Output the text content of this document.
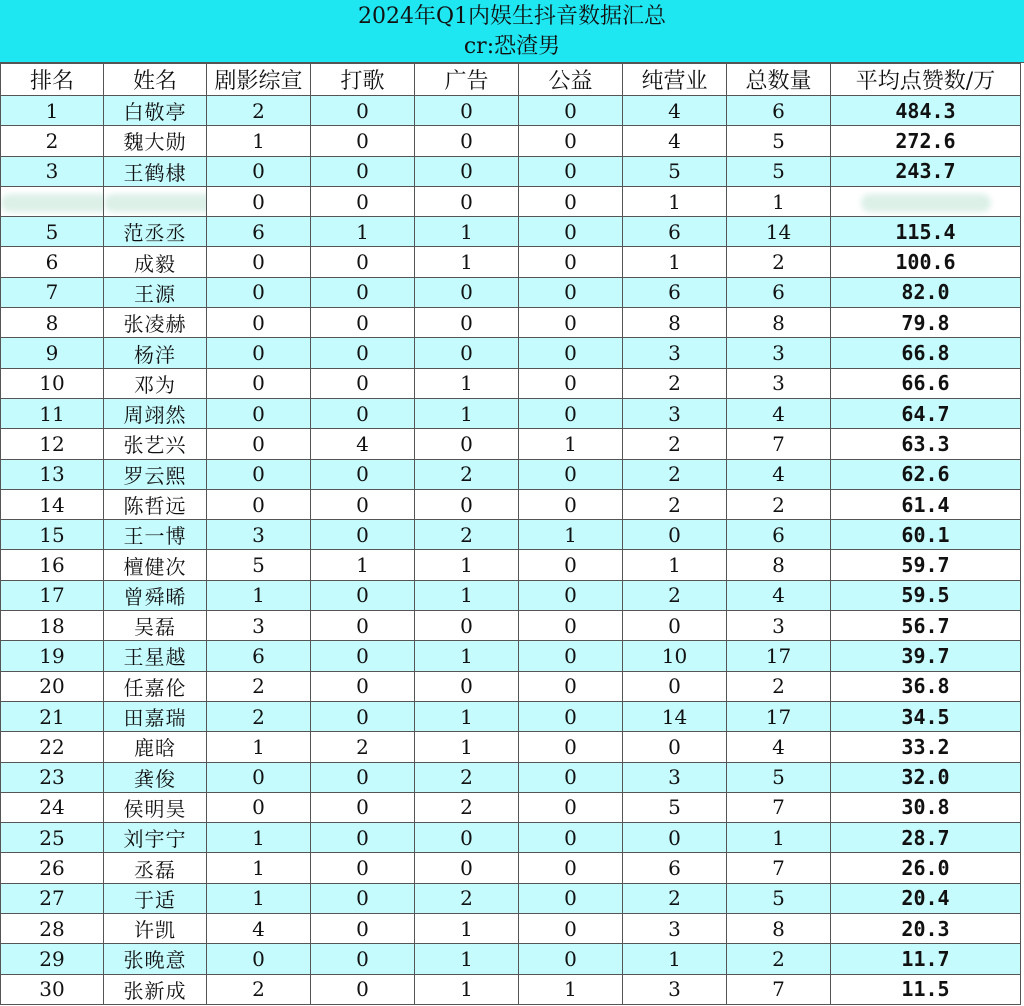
2024年Q1内娱生抖音数据汇总
cr:恐渣男
排名	姓名	剧影综宣	打歌	广告	公益	纯营业	总数量	平均点赞数/万
1	白敬亭	2	0	0	0	4	6	484.3
2	魏大勋	1	0	0	0	4	5	272.6
3	王鹤棣	0	0	0	0	5	5	243.7
		0	0	0	0	1	1	
5	范丞丞	6	1	1	0	6	14	115.4
6	成毅	0	0	1	0	1	2	100.6
7	王源	0	0	0	0	6	6	82.0
8	张凌赫	0	0	0	0	8	8	79.8
9	杨洋	0	0	0	0	3	3	66.8
10	邓为	0	0	1	0	2	3	66.6
11	周翊然	0	0	1	0	3	4	64.7
12	张艺兴	0	4	0	1	2	7	63.3
13	罗云熙	0	0	2	0	2	4	62.6
14	陈哲远	0	0	0	0	2	2	61.4
15	王一博	3	0	2	1	0	6	60.1
16	檀健次	5	1	1	0	1	8	59.7
17	曾舜晞	1	0	1	0	2	4	59.5
18	吴磊	3	0	0	0	0	3	56.7
19	王星越	6	0	1	0	10	17	39.7
20	任嘉伦	2	0	0	0	0	2	36.8
21	田嘉瑞	2	0	1	0	14	17	34.5
22	鹿晗	1	2	1	0	0	4	33.2
23	龚俊	0	0	2	0	3	5	32.0
24	侯明昊	0	0	2	0	5	7	30.8
25	刘宇宁	1	0	0	0	0	1	28.7
26	丞磊	1	0	0	0	6	7	26.0
27	于适	1	0	2	0	2	5	20.4
28	许凯	4	0	1	0	3	8	20.3
29	张晚意	0	0	1	0	1	2	11.7
30	张新成	2	0	1	1	3	7	11.5
